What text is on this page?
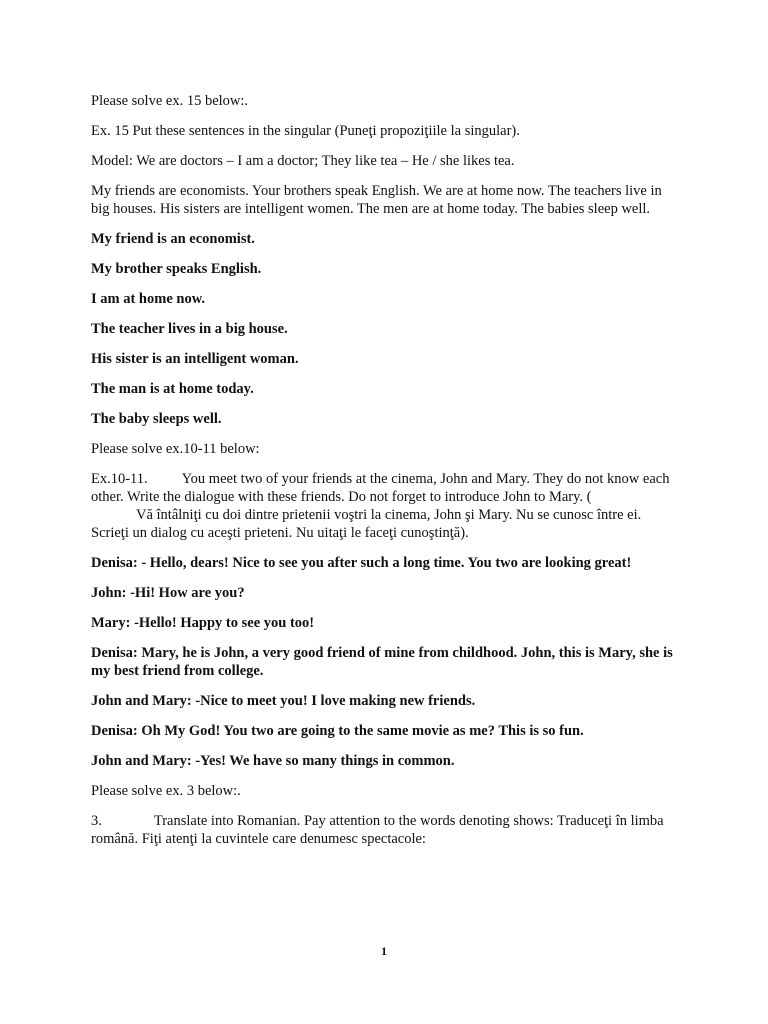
Please solve ex. 15 below:.

Ex. 15 Put these sentences in the singular (Puneţi propoziţiile la singular).

Model: We are doctors – I am a doctor; They like tea – He / she likes tea.

My friends are economists. Your brothers speak English. We are at home now. The teachers live in big houses. His sisters are intelligent women. The men are at home today. The babies sleep well.

My friend is an economist.

My brother speaks English.

I am at home now.

The teacher lives in a big house.

His sister is an intelligent woman.

The man is at home today.

The baby sleeps well.

Please solve ex.10-11 below:

Ex.10-11. You meet two of your friends at the cinema, John and Mary. They do not know each other. Write the dialogue with these friends. Do not forget to introduce John to Mary. (
Vă întâlniţi cu doi dintre prietenii voştri la cinema, John şi Mary. Nu se cunosc între ei. Scrieţi un dialog cu aceşti prieteni. Nu uitaţi le faceţi cunoştinţă).

Denisa: - Hello, dears! Nice to see you after such a long time. You two are looking great!

John: -Hi! How are you?

Mary: -Hello! Happy to see you too!

Denisa: Mary, he is John, a very good friend of mine from childhood. John, this is Mary, she is my best friend from college.

John and Mary: -Nice to meet you! I love making new friends.

Denisa: Oh My God! You two are going to the same movie as me? This is so fun.

John and Mary: -Yes! We have so many things in common.

Please solve ex. 3 below:.

3.	Translate into Romanian. Pay attention to the words denoting shows: Traduceţi în limba română. Fiţi atenţi la cuvintele care denumesc spectacole:

1
